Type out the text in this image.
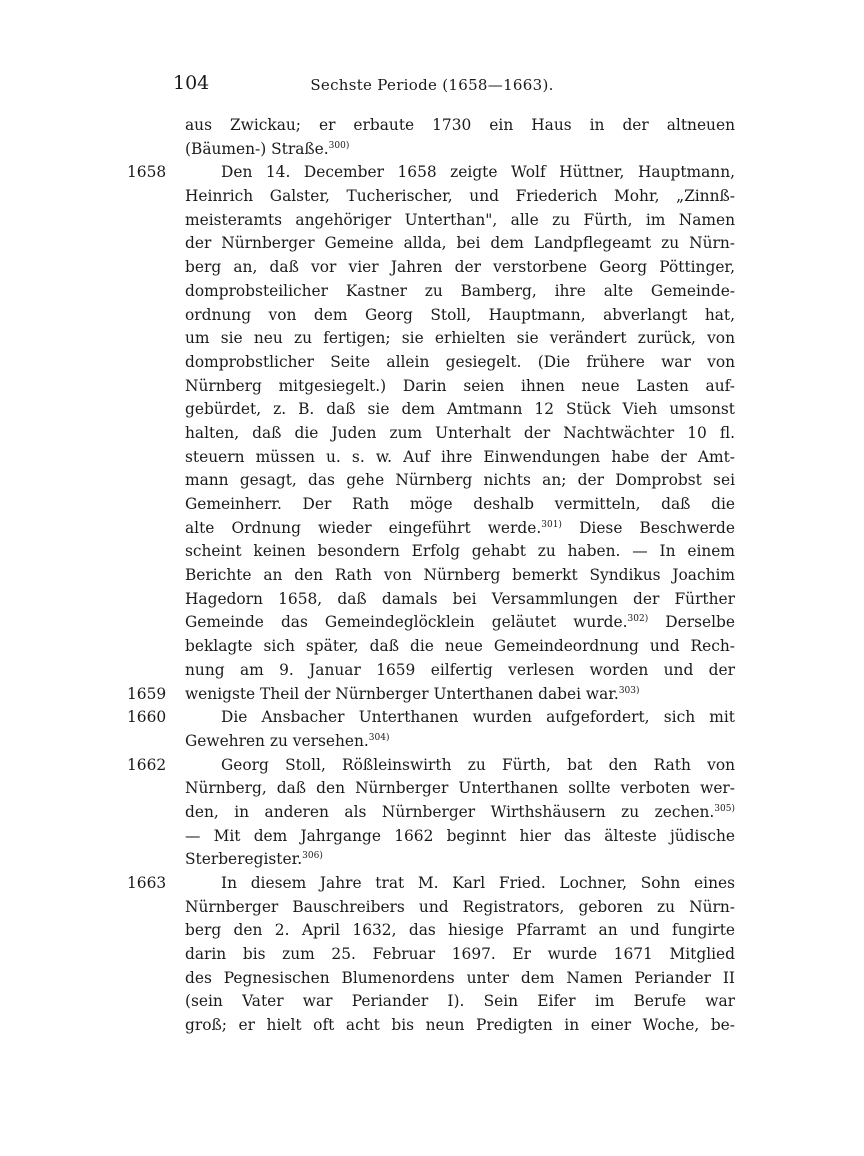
104	Sechste Periode (1658—1663).
aus Zwickau; er erbaute 1730 ein Haus in der altneuen
(Bäumen-) Straße.$^{300)}$
1658	Den 14. December 1658 zeigte Wolf Hüttner, Hauptmann,
Heinrich Galster, Tucherischer, und Friederich Mohr, „Zinnß-
meisteramts angehöriger Unterthan", alle zu Fürth, im Namen
der Nürnberger Gemeine allda, bei dem Landpflegeamt zu Nürn-
berg an, daß vor vier Jahren der verstorbene Georg Pöttinger,
domprobsteilicher Kastner zu Bamberg, ihre alte Gemeinde-
ordnung von dem Georg Stoll, Hauptmann, abverlangt hat,
um sie neu zu fertigen; sie erhielten sie verändert zurück, von
domprobstlicher Seite allein gesiegelt. (Die frühere war von
Nürnberg mitgesiegelt.) Darin seien ihnen neue Lasten auf-
gebürdet, z. B. daß sie dem Amtmann 12 Stück Vieh umsonst
halten, daß die Juden zum Unterhalt der Nachtwächter 10 fl.
steuern müssen u. s. w. Auf ihre Einwendungen habe der Amt-
mann gesagt, das gehe Nürnberg nichts an; der Domprobst sei
Gemeinherr. Der Rath möge deshalb vermitteln, daß die
alte Ordnung wieder eingeführt werde.$^{301)}$ Diese Beschwerde
scheint keinen besondern Erfolg gehabt zu haben. — In einem
Berichte an den Rath von Nürnberg bemerkt Syndikus Joachim
Hagedorn 1658, daß damals bei Versammlungen der Fürther
Gemeinde das Gemeindeglöcklein geläutet wurde.$^{302)}$ Derselbe
beklagte sich später, daß die neue Gemeindeordnung und Rech-
nung am 9. Januar 1659 eilfertig verlesen worden und der
1659	wenigste Theil der Nürnberger Unterthanen dabei war.$^{303)}$
1660	Die Ansbacher Unterthanen wurden aufgefordert, sich mit
Gewehren zu versehen.$^{304)}$
1662	Georg Stoll, Rößleinswirth zu Fürth, bat den Rath von
Nürnberg, daß den Nürnberger Unterthanen sollte verboten wer-
den, in anderen als Nürnberger Wirthshäusern zu zechen.$^{305)}$
— Mit dem Jahrgange 1662 beginnt hier das älteste jüdische
Sterberegister.$^{306)}$
1663	In diesem Jahre trat M. Karl Fried. Lochner, Sohn eines
Nürnberger Bauschreibers und Registrators, geboren zu Nürn-
berg den 2. April 1632, das hiesige Pfarramt an und fungirte
darin bis zum 25. Februar 1697. Er wurde 1671 Mitglied
des Pegnesischen Blumenordens unter dem Namen Periander II
(sein Vater war Periander I). Sein Eifer im Berufe war
groß; er hielt oft acht bis neun Predigten in einer Woche, be-
